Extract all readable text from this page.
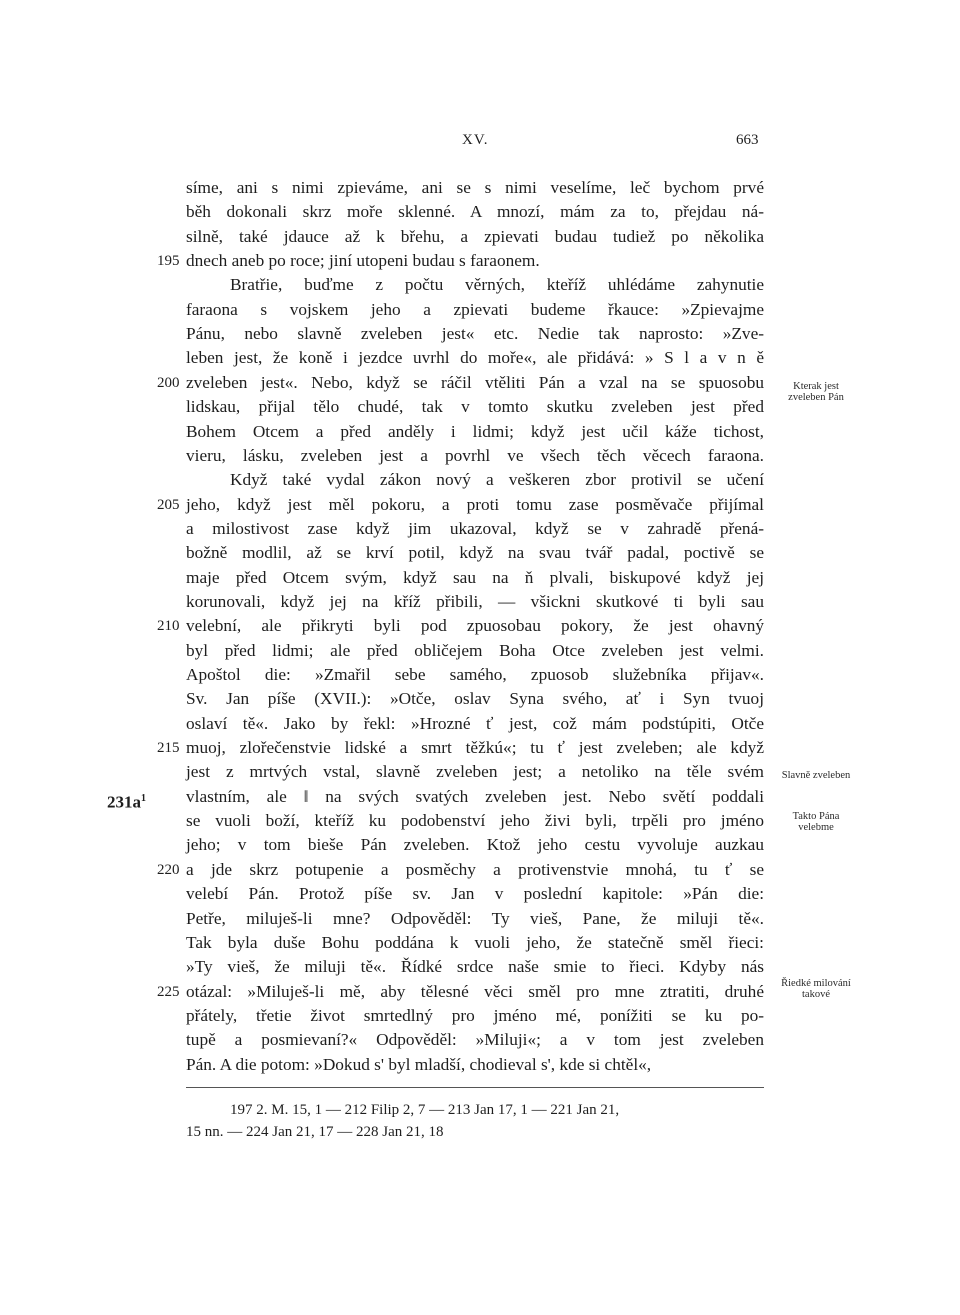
XV.	663
síme, ani s nimi zpieváme, ani se s nimi veselíme, leč bychom prvé
běh dokonali skrz moře sklenné. A mnozí, mám za to, přejdau ná-
silně, také jdauce až k břehu, a zpievati budau tudiež po několika
dnech aneb po roce; jiní utopeni budau s faraonem.
195
Bratřie, buďme z počtu věrných, kteříž uhlédáme zahynutie
faraona s vojskem jeho a zpievati budeme řkauce: »Zpievajme
Pánu, nebo slavně zveleben jest« etc. Nedie tak naprosto: »Zve-
leben jest, že koně i jezdce uvrhl do moře«, ale přidává: » S l a v n ě
zveleben jest«. Nebo, když se ráčil vtěliti Pán a vzal na se spuosobu
200
lidskau, přijal tělo chudé, tak v tomto skutku zveleben jest před
Bohem Otcem a před anděly i lidmi; když jest učil káže tichost,
vieru, lásku, zveleben jest a povrhl ve všech těch věcech faraona.
Když také vydal zákon nový a veškeren zbor protivil se učení
jeho, když jest měl pokoru, a proti tomu zase posměvače přijímal
205
a milostivost zase když jim ukazoval, když se v zahradě přená-
božně modlil, až se krví potil, když na svau tvář padal, poctivě se
maje před Otcem svým, když sau na ň plvali, biskupové když jej
korunovali, když jej na kříž přibili, — všickni skutkové ti byli sau
velební, ale přikryti byli pod zpuosobau pokory, že jest ohavný
210
byl před lidmi; ale před obličejem Boha Otce zveleben jest velmi.
Apoštol die: »Zmařil sebe samého, zpuosob služebníka přijav«.
Sv. Jan píše (XVII.): »Otče, oslav Syna svého, ať i Syn tvuoj
oslaví tě«. Jako by řekl: »Hrozné ť jest, což mám podstúpiti, Otče
muoj, zlořečenstvie lidské a smrt těžkú«; tu ť jest zveleben; ale když
215
jest z mrtvých vstal, slavně zveleben jest; a netoliko na těle svém
vlastním, ale ‖ na svých svatých zveleben jest. Nebo světí poddali
se vuoli boží, kteříž ku podobenství jeho živi byli, trpěli pro jméno
jeho; v tom bieše Pán zveleben. Ktož jeho cestu vyvoluje auzkau
a jde skrz potupenie a posměchy a protivenstvie mnohá, tu ť se
220
velebí Pán. Protož píše sv. Jan v poslední kapitole: »Pán die:
Petře, miluješ-li mne? Odpověděl: Ty vieš, Pane, že miluji tě«.
Tak byla duše Bohu poddána k vuoli jeho, že statečně směl řieci:
»Ty vieš, že miluji tě«. Řídké srdce naše smie to řieci. Kdyby nás
otázal: »Miluješ-li mě, aby tělesné věci směl pro mne ztratiti, druhé
225
přátely, třetie život smrtedlný pro jméno mé, ponížiti se ku po-
tupě a posmievaní?« Odpověděl: »Miluji«; a v tom jest zveleben
Pán. A die potom: »Dokud s' byl mladší, chodieval s', kde si chtěl«,
$231a^1$
Kterak jest
zveleben Pán
Slavně zveleben
Takto Pána
velebme
Řiedké milování
takové
197 2. M. 15, 1 — 212 Filip 2, 7 — 213 Jan 17, 1 — 221 Jan 21,
15 nn. — 224 Jan 21, 17 — 228 Jan 21, 18
